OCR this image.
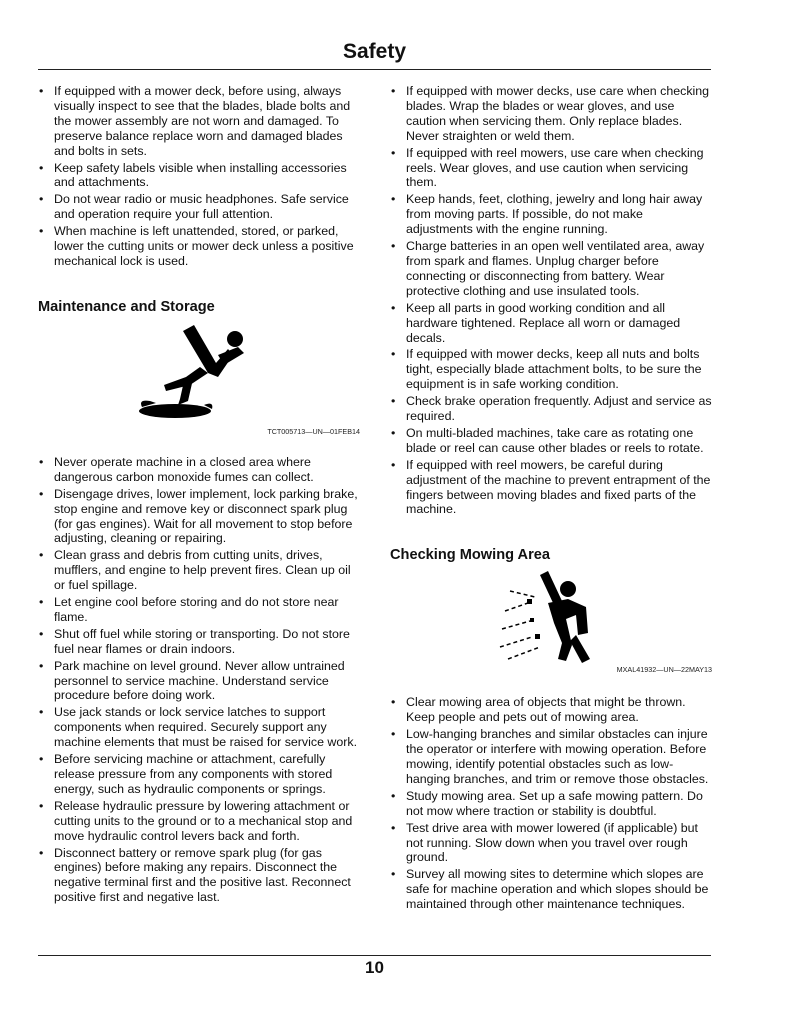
Safety
• If equipped with a mower deck, before using, always visually inspect to see that the blades, blade bolts and the mower assembly are not worn and damaged. To preserve balance replace worn and damaged blades and bolts in sets.
• Keep safety labels visible when installing accessories and attachments.
• Do not wear radio or music headphones. Safe service and operation require your full attention.
• When machine is left unattended, stored, or parked, lower the cutting units or mower deck unless a positive mechanical lock is used.
Maintenance and Storage
TCT005713—UN—01FEB14
• Never operate machine in a closed area where dangerous carbon monoxide fumes can collect.
• Disengage drives, lower implement, lock parking brake, stop engine and remove key or disconnect spark plug (for gas engines). Wait for all movement to stop before adjusting, cleaning or repairing.
• Clean grass and debris from cutting units, drives, mufflers, and engine to help prevent fires. Clean up oil or fuel spillage.
• Let engine cool before storing and do not store near flame.
• Shut off fuel while storing or transporting. Do not store fuel near flames or drain indoors.
• Park machine on level ground. Never allow untrained personnel to service machine. Understand service procedure before doing work.
• Use jack stands or lock service latches to support components when required. Securely support any machine elements that must be raised for service work.
• Before servicing machine or attachment, carefully release pressure from any components with stored energy, such as hydraulic components or springs.
• Release hydraulic pressure by lowering attachment or cutting units to the ground or to a mechanical stop and move hydraulic control levers back and forth.
• Disconnect battery or remove spark plug (for gas engines) before making any repairs. Disconnect the negative terminal first and the positive last. Reconnect positive first and negative last.
• If equipped with mower decks, use care when checking blades. Wrap the blades or wear gloves, and use caution when servicing them. Only replace blades. Never straighten or weld them.
• If equipped with reel mowers, use care when checking reels. Wear gloves, and use caution when servicing them.
• Keep hands, feet, clothing, jewelry and long hair away from moving parts. If possible, do not make adjustments with the engine running.
• Charge batteries in an open well ventilated area, away from spark and flames. Unplug charger before connecting or disconnecting from battery. Wear protective clothing and use insulated tools.
• Keep all parts in good working condition and all hardware tightened. Replace all worn or damaged decals.
• If equipped with mower decks, keep all nuts and bolts tight, especially blade attachment bolts, to be sure the equipment is in safe working condition.
• Check brake operation frequently. Adjust and service as required.
• On multi-bladed machines, take care as rotating one blade or reel can cause other blades or reels to rotate.
• If equipped with reel mowers, be careful during adjustment of the machine to prevent entrapment of the fingers between moving blades and fixed parts of the machine.
Checking Mowing Area
MXAL41932—UN—22MAY13
• Clear mowing area of objects that might be thrown. Keep people and pets out of mowing area.
• Low-hanging branches and similar obstacles can injure the operator or interfere with mowing operation. Before mowing, identify potential obstacles such as low-hanging branches, and trim or remove those obstacles.
• Study mowing area. Set up a safe mowing pattern. Do not mow where traction or stability is doubtful.
• Test drive area with mower lowered (if applicable) but not running. Slow down when you travel over rough ground.
• Survey all mowing sites to determine which slopes are safe for machine operation and which slopes should be maintained through other maintenance techniques.
10
